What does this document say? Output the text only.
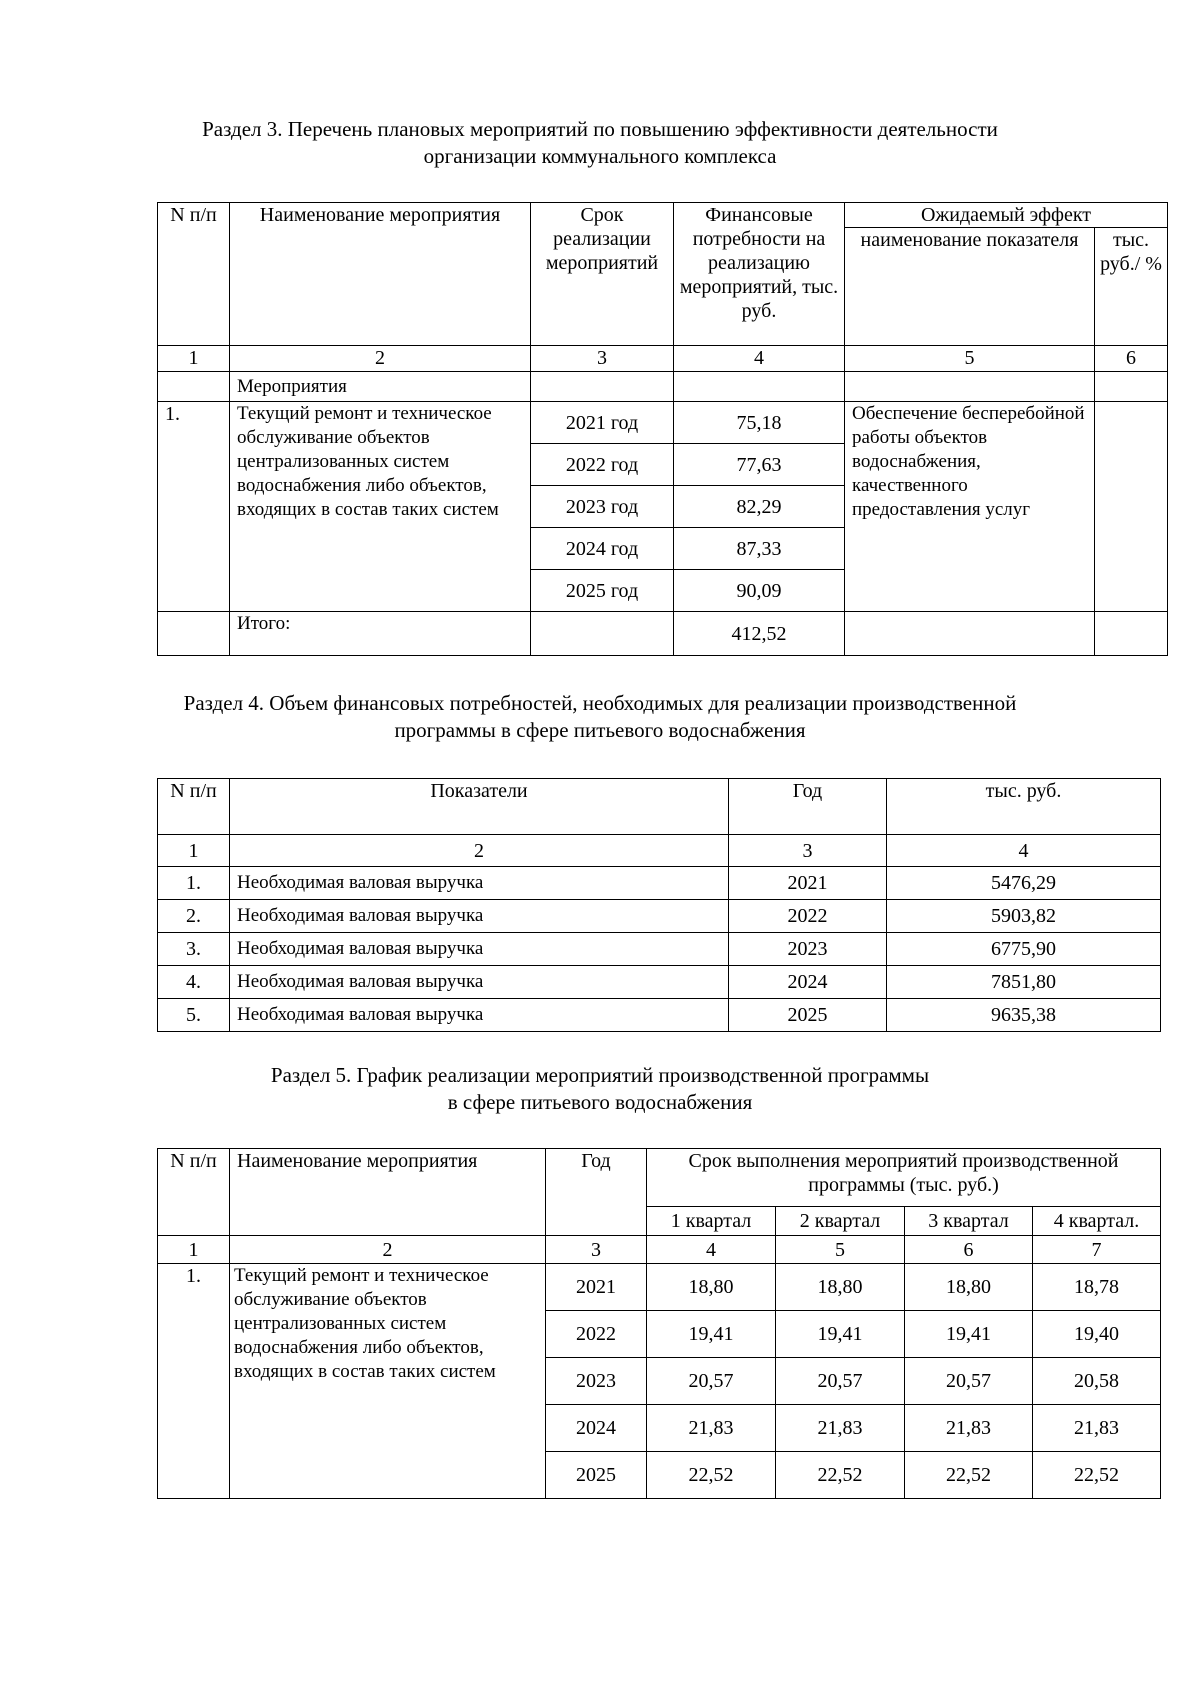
Раздел 3. Перечень плановых мероприятий по повышению эффективности деятельности
организации коммунального комплекса
N п/п	Наименование мероприятия	Срок реализации мероприятий	Финансовые потребности на реализацию мероприятий, тыс. руб.	Ожидаемый эффект	
				наименование показателя	тыс. руб./ %
1	2	3	4	5	6
	Мероприятия				
1.	Текущий ремонт и техническое обслуживание объектов централизованных систем водоснабжения либо объектов, входящих в состав таких систем	2021 год	75,18	Обеспечение бесперебойной работы объектов водоснабжения, качественного предоставления услуг	
		2022 год	77,63		
		2023 год	82,29		
		2024 год	87,33		
		2025 год	90,09		
	Итого:		412,52		
Раздел 4. Объем финансовых потребностей, необходимых для реализации производственной
программы в сфере питьевого водоснабжения
N п/п	Показатели	Год	тыс. руб.
1	2	3	4
1.	Необходимая валовая выручка	2021	5476,29
2.	Необходимая валовая выручка	2022	5903,82
3.	Необходимая валовая выручка	2023	6775,90
4.	Необходимая валовая выручка	2024	7851,80
5.	Необходимая валовая выручка	2025	9635,38
Раздел 5. График реализации мероприятий производственной программы
в сфере питьевого водоснабжения
N п/п	Наименование мероприятия	Год	Срок выполнения мероприятий производственной программы (тыс. руб.)			
			1 квартал	2 квартал	3 квартал	4 квартал.
1	2	3	4	5	6	7
1.	Текущий ремонт и техническое обслуживание объектов централизованных систем водоснабжения либо объектов, входящих в состав таких систем	2021	18,80	18,80	18,80	18,78
		2022	19,41	19,41	19,41	19,40
		2023	20,57	20,57	20,57	20,58
		2024	21,83	21,83	21,83	21,83
		2025	22,52	22,52	22,52	22,52
